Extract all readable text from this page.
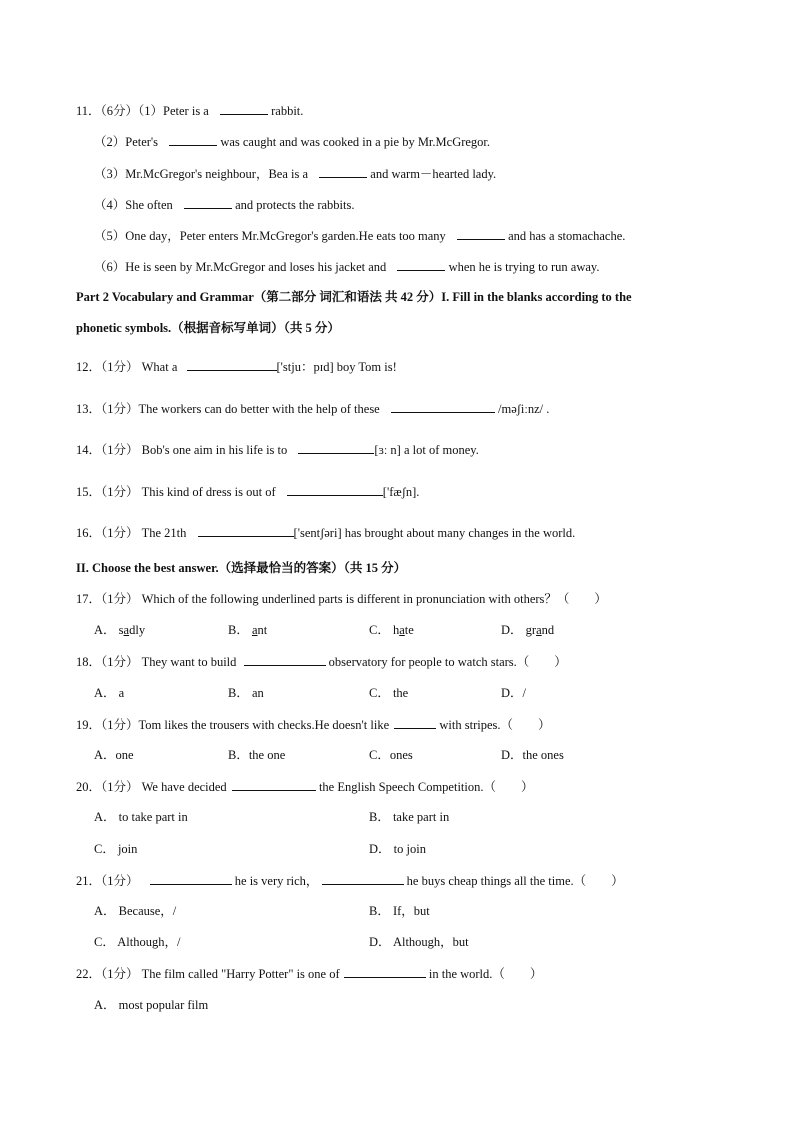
11．（6分）（1）Peter is a	rabbit.
（2）Peter's	was caught and was cooked in a pie by Mr.McGregor.
（3）Mr.McGregor's neighbour，Bea is a	and warm－hearted lady.
（4）She often	and protects the rabbits.
（5）One day，Peter enters Mr.McGregor's garden.He eats too many	and has a stomachache.
（6）He is seen by Mr.McGregor and loses his jacket and	when he is trying to run away.
Part 2 Vocabulary and Grammar（第二部分 词汇和语法 共 42 分）I. Fill in the blanks according to the
phonetic symbols.（根据音标写单词）（共 5 分）
12．（1分） What a	['stju：pɪd] boy Tom is!
13．（1分）The workers can do better with the help of these	/məʃiːnz/ .
14．（1分） Bob's one aim in his life is to	[ɜː n] a lot of money.
15．（1分） This kind of dress is out of	['fæʃn].
16．（1分） The 21th	['sentʃəri] has brought about many changes in the world.
II. Choose the best answer.（选择最恰当的答案）（共 15 分）
17．（1分） Which of the following underlined parts is different in pronunciation with others？（　　）
A． sadly	B． ant	C． hate	D． grand
18．（1分） They want to build	observatory for people to watch stars.（　　）
A． a	B． an	C． the	D．/
19．（1分）Tom likes the trousers with checks.He doesn't like	with stripes.（　　）
A．one	B．the one	C．ones	D．the ones
20．（1分） We have decided	the English Speech Competition.（　　）
A． to take part in	B． take part in
C． join	D． to join
21．（1分）	he is very rich，	he buys cheap things all the time.（　　）
A． Because，/	B． If，but
C． Although，/	D． Although，but
22．（1分） The film called "Harry Potter" is one of	in the world.（　　）
A． most popular film
